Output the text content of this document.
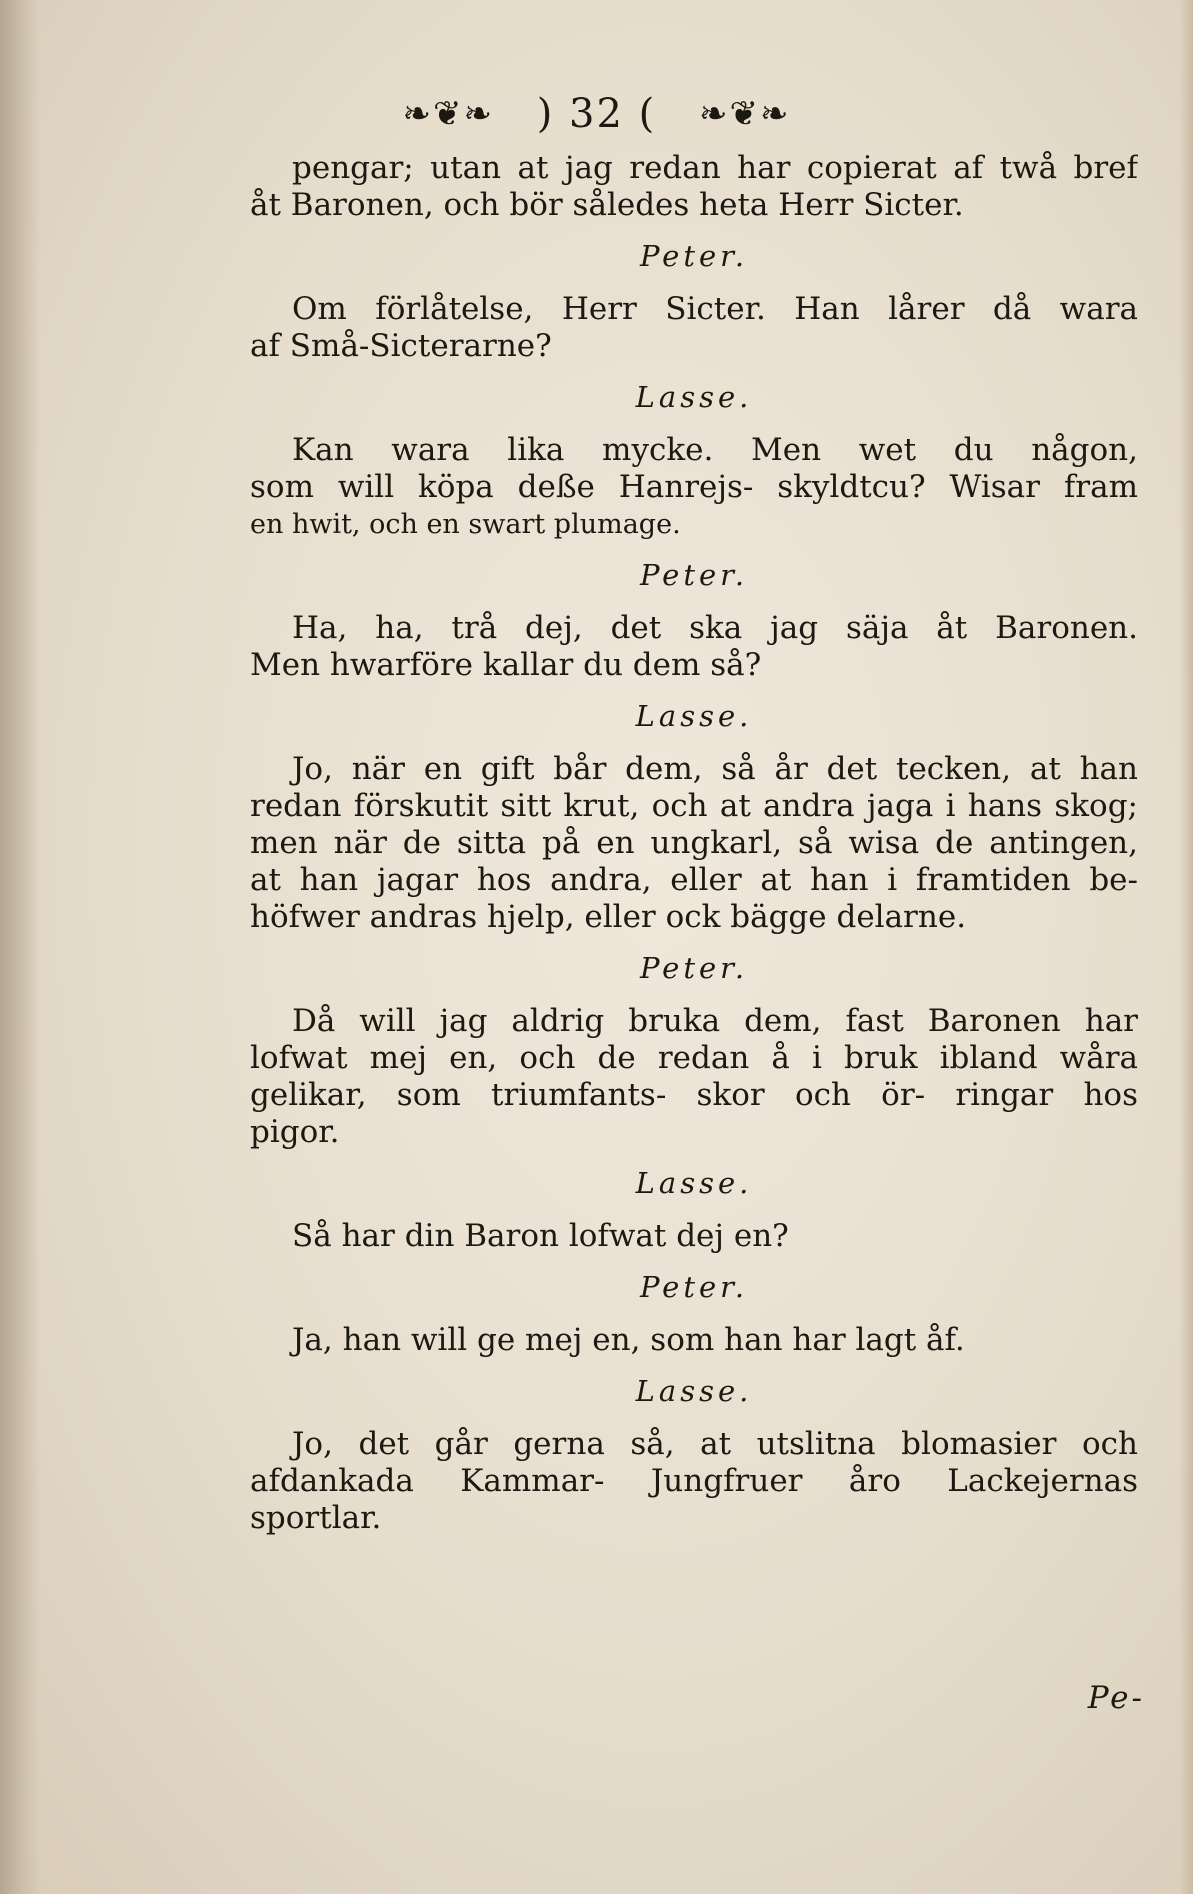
❧❦❧ ) 32 ( ❧❦❧
pengar; utan at jag redan har copierat af twå bref
åt Baronen, och bör således heta Herr Sicter.
Peter.
Om förlåtelse, Herr Sicter. Han lårer då wara
af Små-Sicterarne?
Lasse.
Kan wara lika mycke. Men wet du någon,
som will köpa deße Hanrejs- skyldtcu? Wisar fram
en hwit, och en swart plumage.
Peter.
Ha, ha, trå dej, det ska jag säja åt Baronen.
Men hwarföre kallar du dem så?
Lasse.
Jo, när en gift bår dem, så år det tecken, at han
redan förskutit sitt krut, och at andra jaga i hans skog;
men när de sitta på en ungkarl, så wisa de antingen,
at han jagar hos andra, eller at han i framtiden be-
höfwer andras hjelp, eller ock bägge delarne.
Peter.
Då will jag aldrig bruka dem, fast Baronen har
lofwat mej en, och de redan å i bruk ibland wåra
gelikar, som triumfants- skor och ör- ringar hos
pigor.
Lasse.
Så har din Baron lofwat dej en?
Peter.
Ja, han will ge mej en, som han har lagt åf.
Lasse.
Jo, det går gerna så, at utslitna blomasier och
afdankada Kammar- Jungfruer åro Lackejernas
sportlar.
Pe-
